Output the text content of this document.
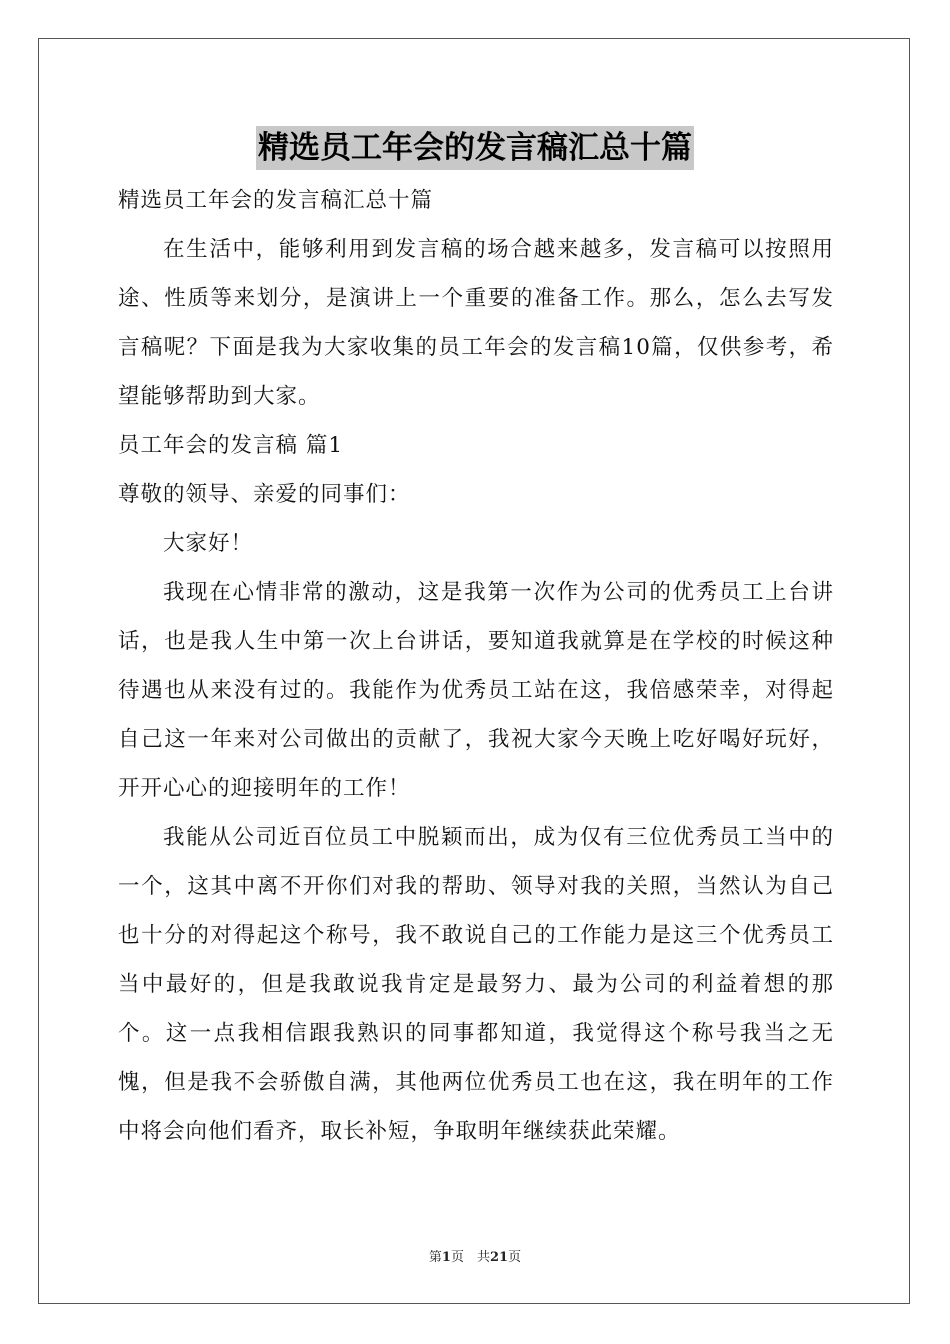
精选员工年会的发言稿汇总十篇

精选员工年会的发言稿汇总十篇

在生活中，能够利用到发言稿的场合越来越多，发言稿可以按照用途、性质等来划分，是演讲上一个重要的准备工作。那么，怎么去写发言稿呢？下面是我为大家收集的员工年会的发言稿10篇，仅供参考，希望能够帮助到大家。

员工年会的发言稿 篇1

尊敬的领导、亲爱的同事们：

大家好！

我现在心情非常的激动，这是我第一次作为公司的优秀员工上台讲话，也是我人生中第一次上台讲话，要知道我就算是在学校的时候这种待遇也从来没有过的。我能作为优秀员工站在这，我倍感荣幸，对得起自己这一年来对公司做出的贡献了，我祝大家今天晚上吃好喝好玩好，开开心心的迎接明年的工作！

我能从公司近百位员工中脱颖而出，成为仅有三位优秀员工当中的一个，这其中离不开你们对我的帮助、领导对我的关照，当然认为自己也十分的对得起这个称号，我不敢说自己的工作能力是这三个优秀员工当中最好的，但是我敢说我肯定是最努力、最为公司的利益着想的那个。这一点我相信跟我熟识的同事都知道，我觉得这个称号我当之无愧，但是我不会骄傲自满，其他两位优秀员工也在这，我在明年的工作中将会向他们看齐，取长补短，争取明年继续获此荣耀。

第1页　共21页
